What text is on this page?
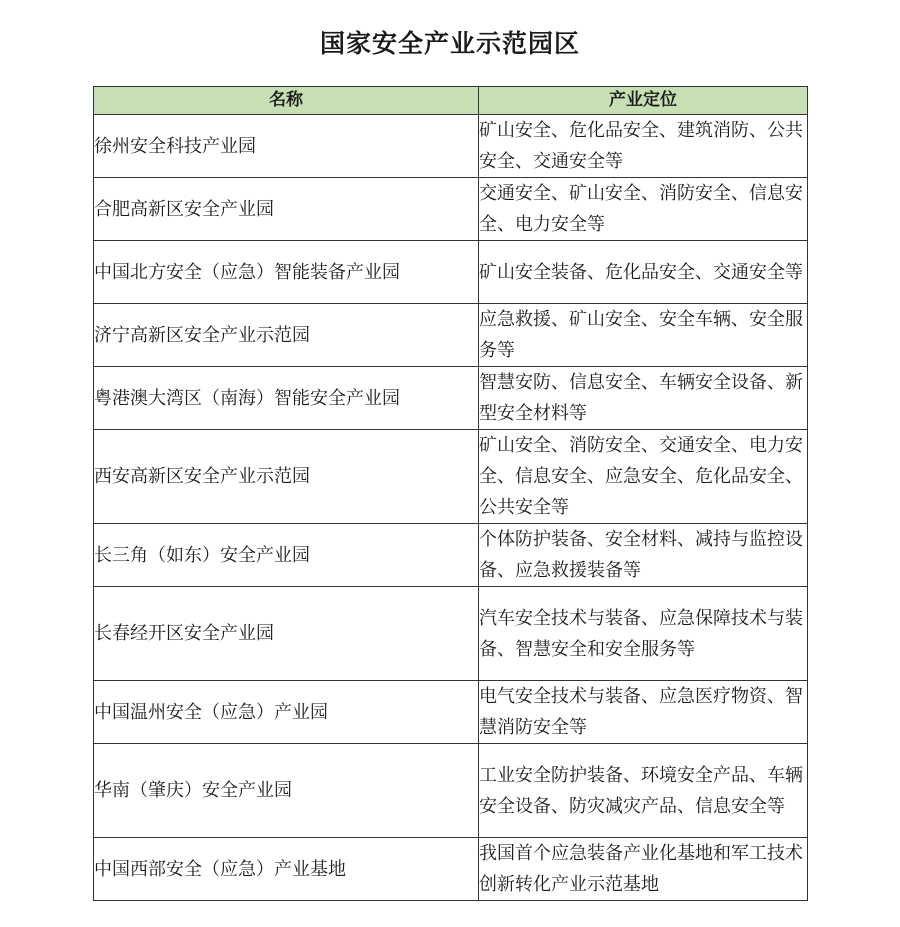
国家安全产业示范园区
名称	产业定位
徐州安全科技产业园	矿山安全、危化品安全、建筑消防、公共安全、交通安全等
合肥高新区安全产业园	交通安全、矿山安全、消防安全、信息安全、电力安全等
中国北方安全（应急）智能装备产业园	矿山安全装备、危化品安全、交通安全等
济宁高新区安全产业示范园	应急救援、矿山安全、安全车辆、安全服务等
粤港澳大湾区（南海）智能安全产业园	智慧安防、信息安全、车辆安全设备、新型安全材料等
西安高新区安全产业示范园	矿山安全、消防安全、交通安全、电力安全、信息安全、应急安全、危化品安全、公共安全等
长三角（如东）安全产业园	个体防护装备、安全材料、减持与监控设备、应急救援装备等
长春经开区安全产业园	汽车安全技术与装备、应急保障技术与装备、智慧安全和安全服务等
中国温州安全（应急）产业园	电气安全技术与装备、应急医疗物资、智慧消防安全等
华南（肇庆）安全产业园	工业安全防护装备、环境安全产品、车辆安全设备、防灾减灾产品、信息安全等
中国西部安全（应急）产业基地	我国首个应急装备产业化基地和军工技术创新转化产业示范基地
